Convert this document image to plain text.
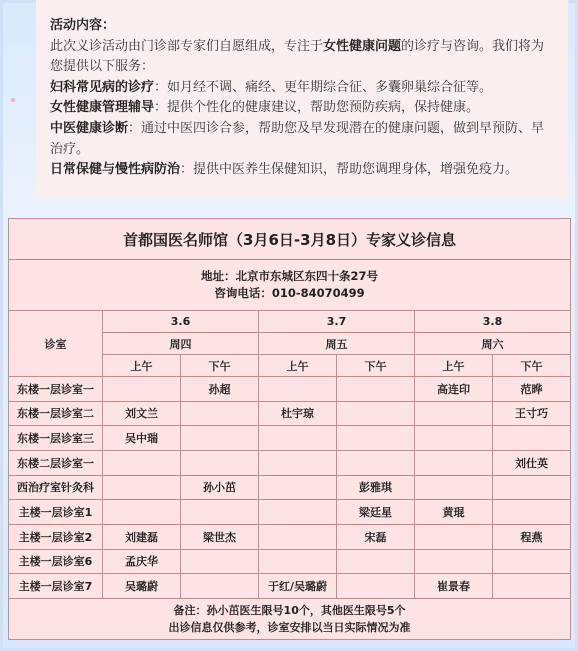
活动内容：

此次义诊活动由门诊部专家们自愿组成，专注于女性健康问题的诊疗与咨询。我们将为您提供以下服务：

妇科常见病的诊疗：如月经不调、痛经、更年期综合征、多囊卵巢综合征等。

女性健康管理辅导：提供个性化的健康建议，帮助您预防疾病，保持健康。

中医健康诊断：通过中医四诊合参，帮助您及早发现潜在的健康问题，做到早预防、早治疗。

日常保健与慢性病防治：提供中医养生保健知识，帮助您调理身体，增强免疫力。

首都国医名师馆（3月6日-3月8日）专家义诊信息						

地址：北京市东城区东四十条27号
咨询电话：010-84070499						

诊室	3.6		3.7		3.8	
	周四		周五		周六	
	上午	下午	上午	下午	上午	下午
东楼一层诊室一		孙超			高连印	范晔
东楼一层诊室二	刘文兰		杜宇琼			王寸巧
东楼一层诊室三	吴中瑞					
东楼二层诊室一						刘仕英
西治疗室针灸科		孙小茁		彭雅琪		
主楼一层诊室1				梁廷星	黄琨	
主楼一层诊室2	刘建磊	梁世杰		宋磊		程燕
主楼一层诊室6	孟庆华					
主楼一层诊室7	吴璐蔚		于红/吴璐蔚		崔景春	

备注：孙小茁医生限号10个，其他医生限号5个
出诊信息仅供参考，诊室安排以当日实际情况为准						
